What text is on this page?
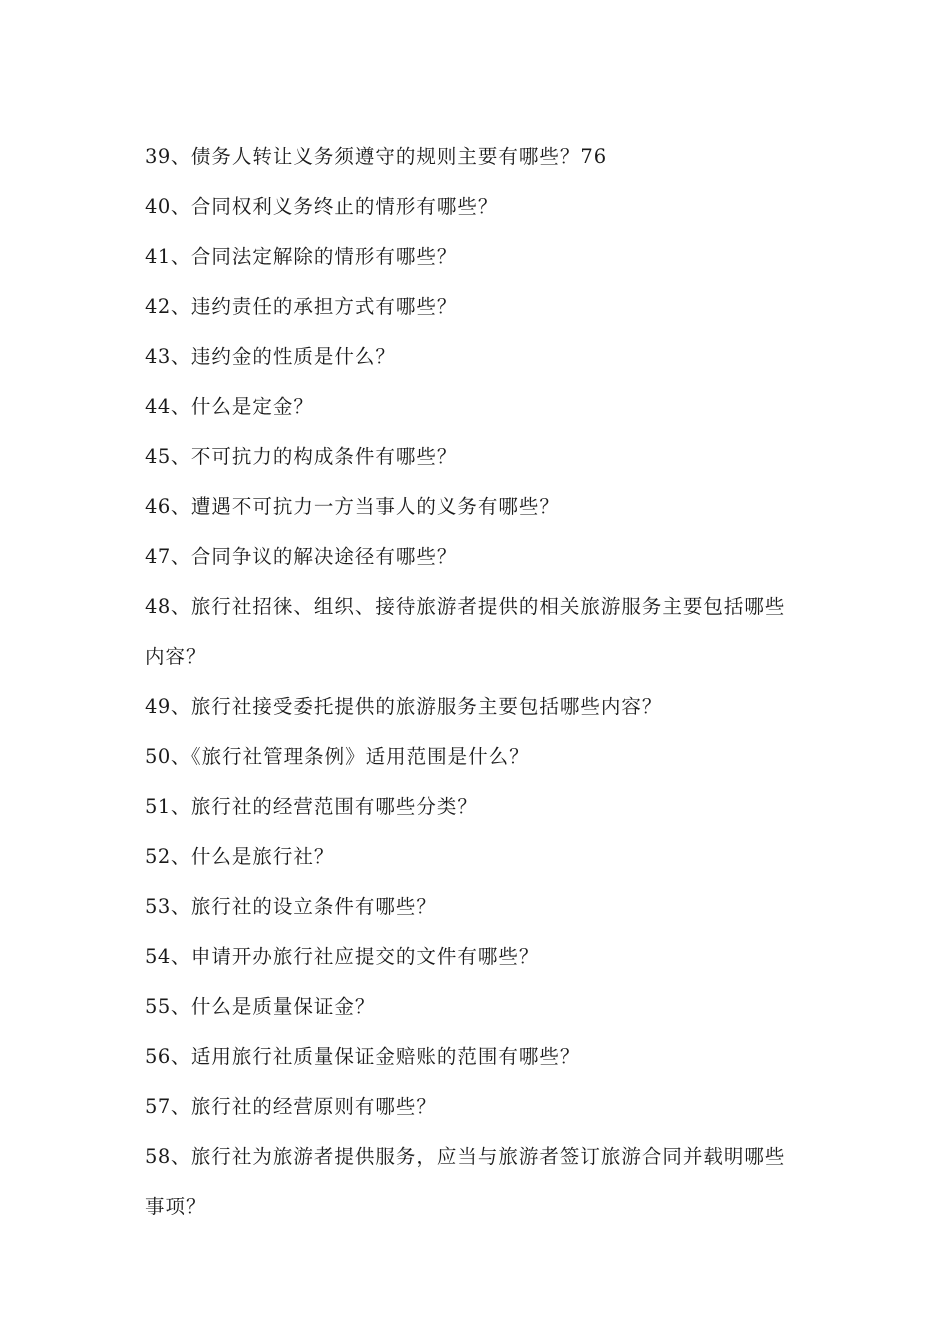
39、债务人转让义务须遵守的规则主要有哪些？76
40、合同权利义务终止的情形有哪些？
41、合同法定解除的情形有哪些？
42、违约责任的承担方式有哪些？
43、违约金的性质是什么？
44、什么是定金？
45、不可抗力的构成条件有哪些？
46、遭遇不可抗力一方当事人的义务有哪些？
47、合同争议的解决途径有哪些？
48、旅行社招徕、组织、接待旅游者提供的相关旅游服务主要包括哪些内容？
49、旅行社接受委托提供的旅游服务主要包括哪些内容？
50、《旅行社管理条例》适用范围是什么？
51、旅行社的经营范围有哪些分类？
52、什么是旅行社？
53、旅行社的设立条件有哪些？
54、申请开办旅行社应提交的文件有哪些？
55、什么是质量保证金？
56、适用旅行社质量保证金赔账的范围有哪些？
57、旅行社的经营原则有哪些？
58、旅行社为旅游者提供服务，应当与旅游者签订旅游合同并载明哪些事项？
